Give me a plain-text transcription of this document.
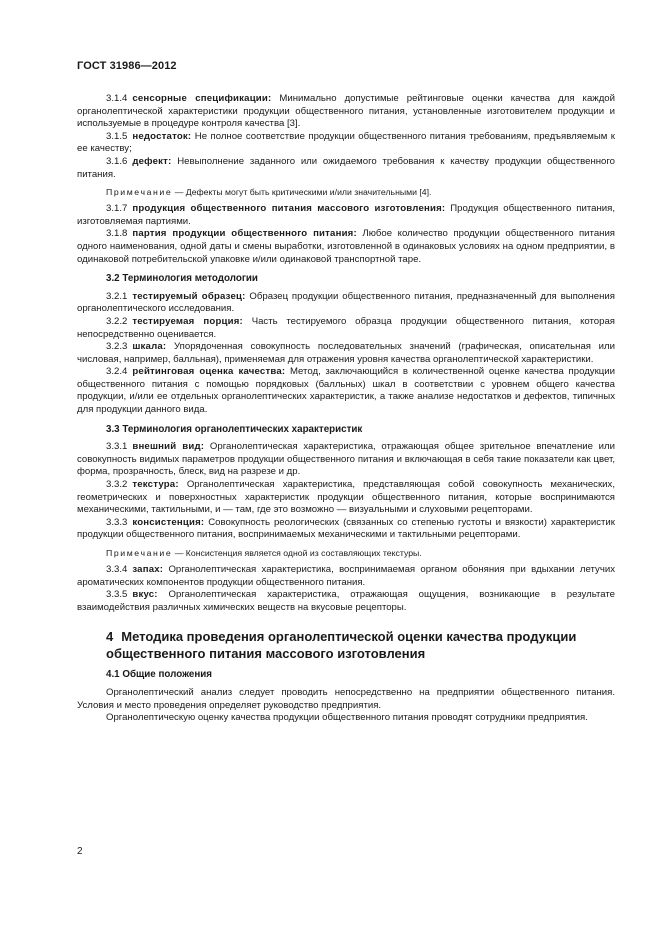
ГОСТ 31986—2012

3.1.4 сенсорные спецификации: Минимально допустимые рейтинговые оценки качества для каждой органолептической характеристики продукции общественного питания, установленные изготовителем продукции и используемые в процедуре контроля качества [3].

3.1.5 недостаток: Не полное соответствие продукции общественного питания требованиям, предъявляемым к ее качеству;

3.1.6 дефект: Невыполнение заданного или ожидаемого требования к качеству продукции общественного питания.

Примечание — Дефекты могут быть критическими и/или значительными [4].

3.1.7 продукция общественного питания массового изготовления: Продукция общественного питания, изготовляемая партиями.

3.1.8 партия продукции общественного питания: Любое количество продукции общественного питания одного наименования, одной даты и смены выработки, изготовленной в одинаковых условиях на одном предприятии, в одинаковой потребительской упаковке и/или одинаковой транспортной таре.

3.2 Терминология методологии

3.2.1 тестируемый образец: Образец продукции общественного питания, предназначенный для выполнения органолептического исследования.

3.2.2 тестируемая порция: Часть тестируемого образца продукции общественного питания, которая непосредственно оценивается.

3.2.3 шкала: Упорядоченная совокупность последовательных значений (графическая, описательная или числовая, например, балльная), применяемая для отражения уровня качества органолептической характеристики.

3.2.4 рейтинговая оценка качества: Метод, заключающийся в количественной оценке качества продукции общественного питания с помощью порядковых (балльных) шкал в соответствии с уровнем общего качества продукции, и/или ее отдельных органолептических характеристик, а также анализе недостатков и дефектов, типичных для продукции данного вида.

3.3 Терминология органолептических характеристик

3.3.1 внешний вид: Органолептическая характеристика, отражающая общее зрительное впечатление или совокупность видимых параметров продукции общественного питания и включающая в себя такие показатели как цвет, форма, прозрачность, блеск, вид на разрезе и др.

3.3.2 текстура: Органолептическая характеристика, представляющая собой совокупность механических, геометрических и поверхностных характеристик продукции общественного питания, которые воспринимаются механическими, тактильными, и — там, где это возможно — визуальными и слуховыми рецепторами.

3.3.3 консистенция: Совокупность реологических (связанных со степенью густоты и вязкости) характеристик продукции общественного питания, воспринимаемых механическими и тактильными рецепторами.

Примечание — Консистенция является одной из составляющих текстуры.

3.3.4 запах: Органолептическая характеристика, воспринимаемая органом обоняния при вдыхании летучих ароматических компонентов продукции общественного питания.

3.3.5 вкус: Органолептическая характеристика, отражающая ощущения, возникающие в результате взаимодействия различных химических веществ на вкусовые рецепторы.

4 Методика проведения органолептической оценки качества продукции общественного питания массового изготовления

4.1 Общие положения

Органолептический анализ следует проводить непосредственно на предприятии общественного питания. Условия и место проведения определяет руководство предприятия.

Органолептическую оценку качества продукции общественного питания проводят сотрудники предприятия.

2
